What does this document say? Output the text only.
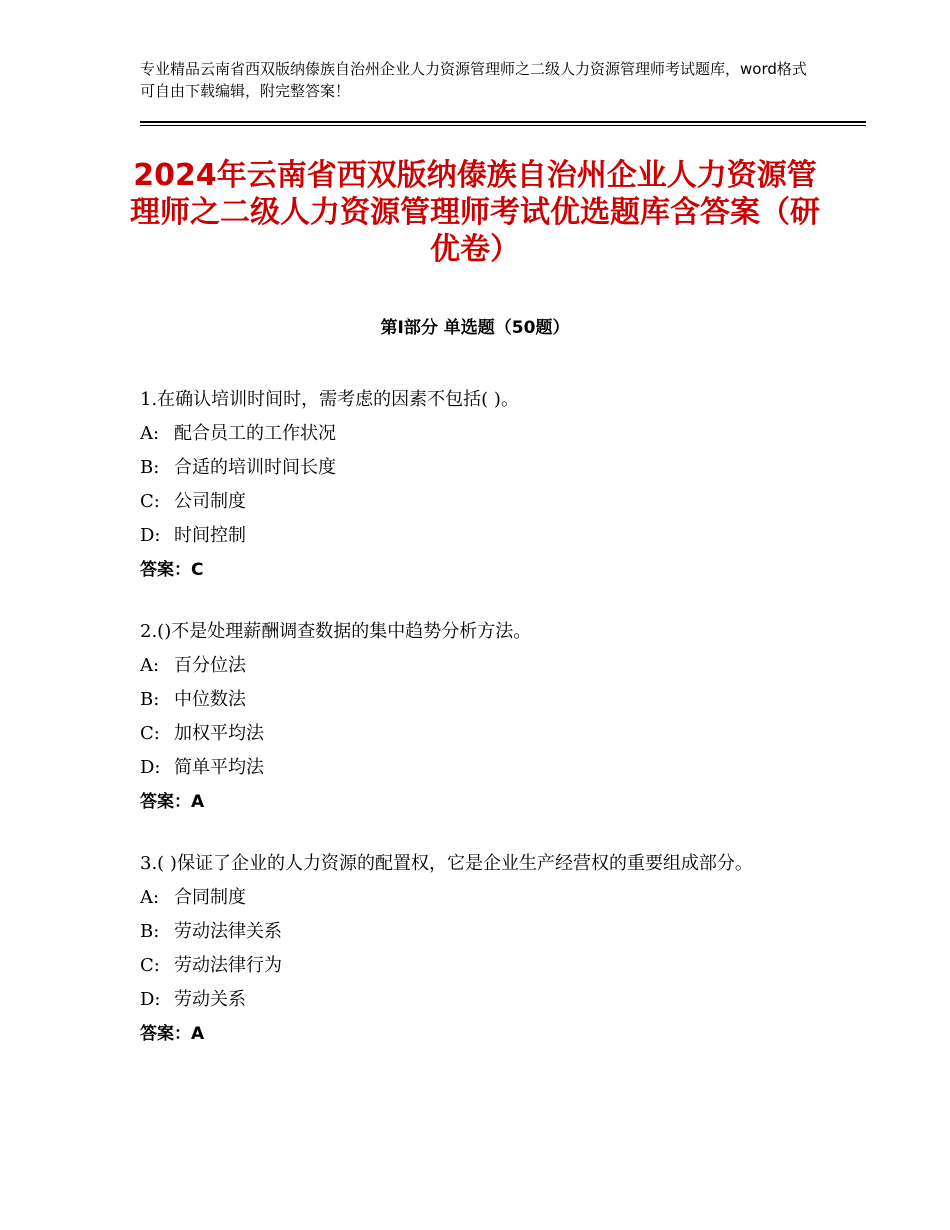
专业精品云南省西双版纳傣族自治州企业人力资源管理师之二级人力资源管理师考试题库，word格式可自由下载编辑，附完整答案！
2024年云南省西双版纳傣族自治州企业人力资源管理师之二级人力资源管理师考试优选题库含答案（研优卷）
第Ⅰ部分 单选题（50题）
1.在确认培训时间时，需考虑的因素不包括( )。
A: 配合员工的工作状况
B: 合适的培训时间长度
C: 公司制度
D: 时间控制
答案：C
2.()不是处理薪酬调查数据的集中趋势分析方法。
A: 百分位法
B: 中位数法
C: 加权平均法
D: 简单平均法
答案：A
3.( )保证了企业的人力资源的配置权，它是企业生产经营权的重要组成部分。
A: 合同制度
B: 劳动法律关系
C: 劳动法律行为
D: 劳动关系
答案：A
